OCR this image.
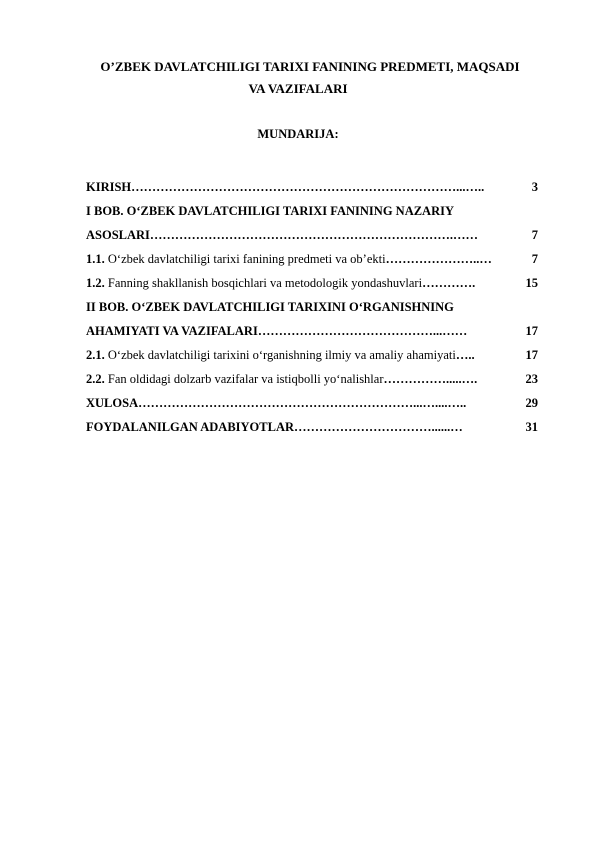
O’ZBEK DAVLATCHILIGI TARIXI FANINING PREDMETI, MAQSADI
VA VAZIFALARI
MUNDARIJA:
KIRISH ……………………………………………………………………...…..	3
I BOB. O‘ZBEK DAVLATCHILIGI TARIXI FANINING NAZARIY
ASOSLARI ……………………………………………………………….……	7
1.1. O‘zbek davlatchiligi tarixi fanining predmeti va ob’ekti …………………..…	7
1.2. Fanning shakllanish bosqichlari va metodologik yondashuvlari ………….	15
II BOB. O‘ZBEK DAVLATCHILIGI TARIXINI O‘RGANISHNING
AHAMIYATI VA VAZIFALARI ……………………………………...……	17
2.1. O‘zbek davlatchiligi tarixini o‘rganishning ilmiy va amaliy ahamiyati …..	17
2.2. Fan oldidagi dolzarb vazifalar va istiqbolli yo‘nalishlar …………….....….	23
XULOSA …………………………………………………………...…....…..	29
FOYDALANILGAN ADABIYOTLAR ……………………………......…	31
